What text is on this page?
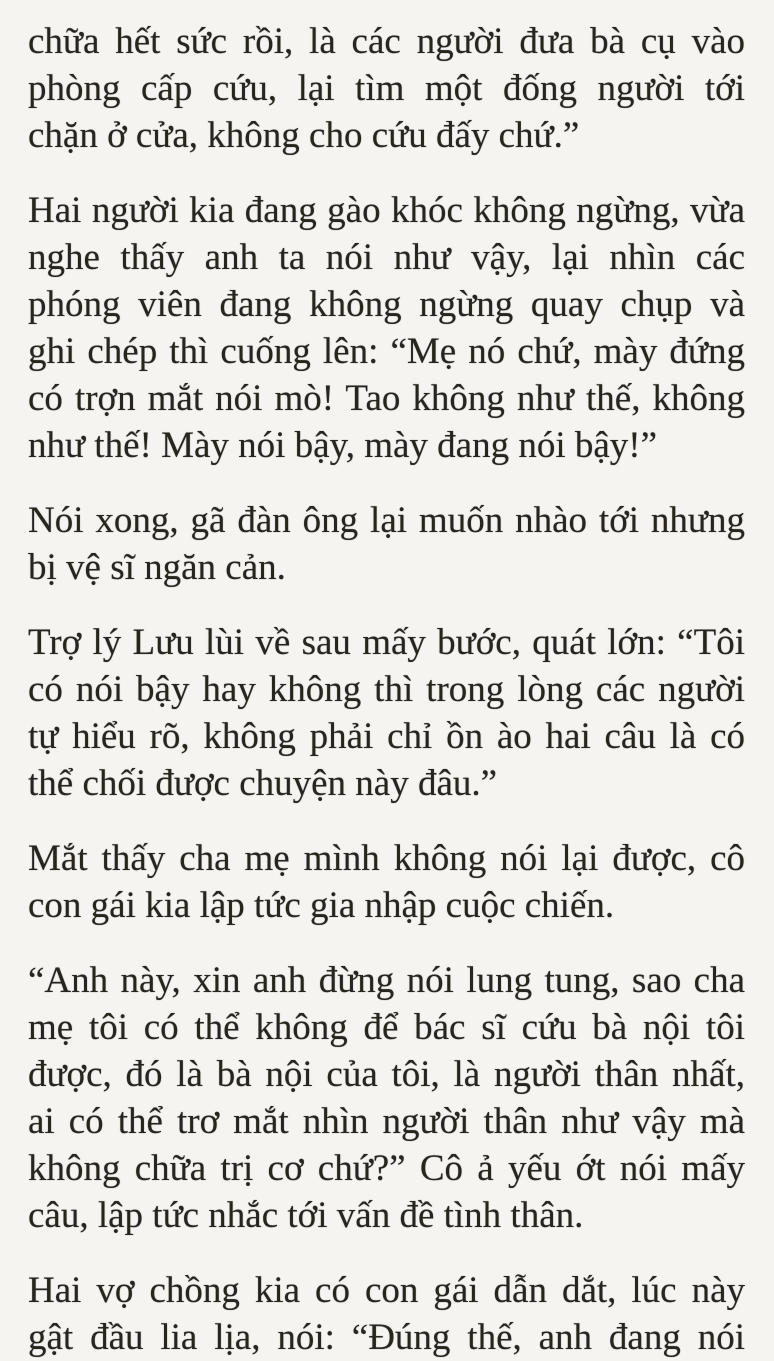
chữa hết sức rồi, là các người đưa bà cụ vào
phòng cấp cứu, lại tìm một đống người tới
chặn ở cửa, không cho cứu đấy chứ.”

Hai người kia đang gào khóc không ngừng, vừa
nghe thấy anh ta nói như vậy, lại nhìn các
phóng viên đang không ngừng quay chụp và
ghi chép thì cuống lên: “Mẹ nó chứ, mày đứng
có trợn mắt nói mò! Tao không như thế, không
như thế! Mày nói bậy, mày đang nói bậy!”

Nói xong, gã đàn ông lại muốn nhào tới nhưng
bị vệ sĩ ngăn cản.

Trợ lý Lưu lùi về sau mấy bước, quát lớn: “Tôi
có nói bậy hay không thì trong lòng các người
tự hiểu rõ, không phải chỉ ồn ào hai câu là có
thể chối được chuyện này đâu.”

Mắt thấy cha mẹ mình không nói lại được, cô
con gái kia lập tức gia nhập cuộc chiến.

“Anh này, xin anh đừng nói lung tung, sao cha
mẹ tôi có thể không để bác sĩ cứu bà nội tôi
được, đó là bà nội của tôi, là người thân nhất,
ai có thể trơ mắt nhìn người thân như vậy mà
không chữa trị cơ chứ?” Cô ả yếu ớt nói mấy
câu, lập tức nhắc tới vấn đề tình thân.

Hai vợ chồng kia có con gái dẫn dắt, lúc này
gật đầu lia lịa, nói: “Đúng thế, anh đang nói
